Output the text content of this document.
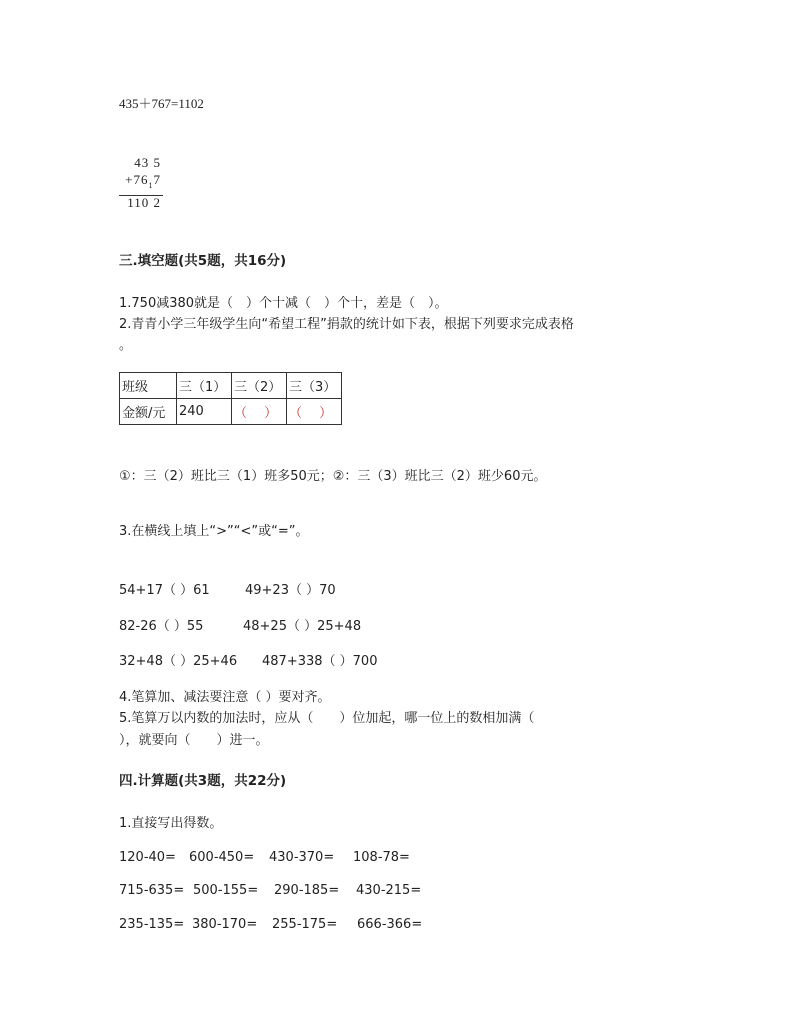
435＋767=1102
43 5
$+76_17$
110 2
三.填空题(共5题，共16分)
1.750减380就是（　）个十减（　）个十，差是（　）。
2.青青小学三年级学生向“希望工程”捐款的统计如下表，根据下列要求完成表格
。
班级	三（1）	三（2）	三（3）
金额/元	240	（　 ）	（　 ）
①：三（2）班比三（1）班多50元；②：三（3）班比三（2）班少60元。
3.在横线上填上“>”“<”或“=”。
54+17（ ）61	49+23（ ）70
82-26（ ）55	48+25（ ）25+48
32+48（ ）25+46 487+338（ ）700
4.笔算加、减法要注意（ ）要对齐。
5.笔算万以内数的加法时，应从（　　）位加起，哪一位上的数相加满（
），就要向（　　）进一。
四.计算题(共3题，共22分)
1.直接写出得数。
120-40= 600-450= 430-370= 108-78=
715-635= 500-155= 290-185= 430-215=
235-135= 380-170= 255-175= 666-366=
